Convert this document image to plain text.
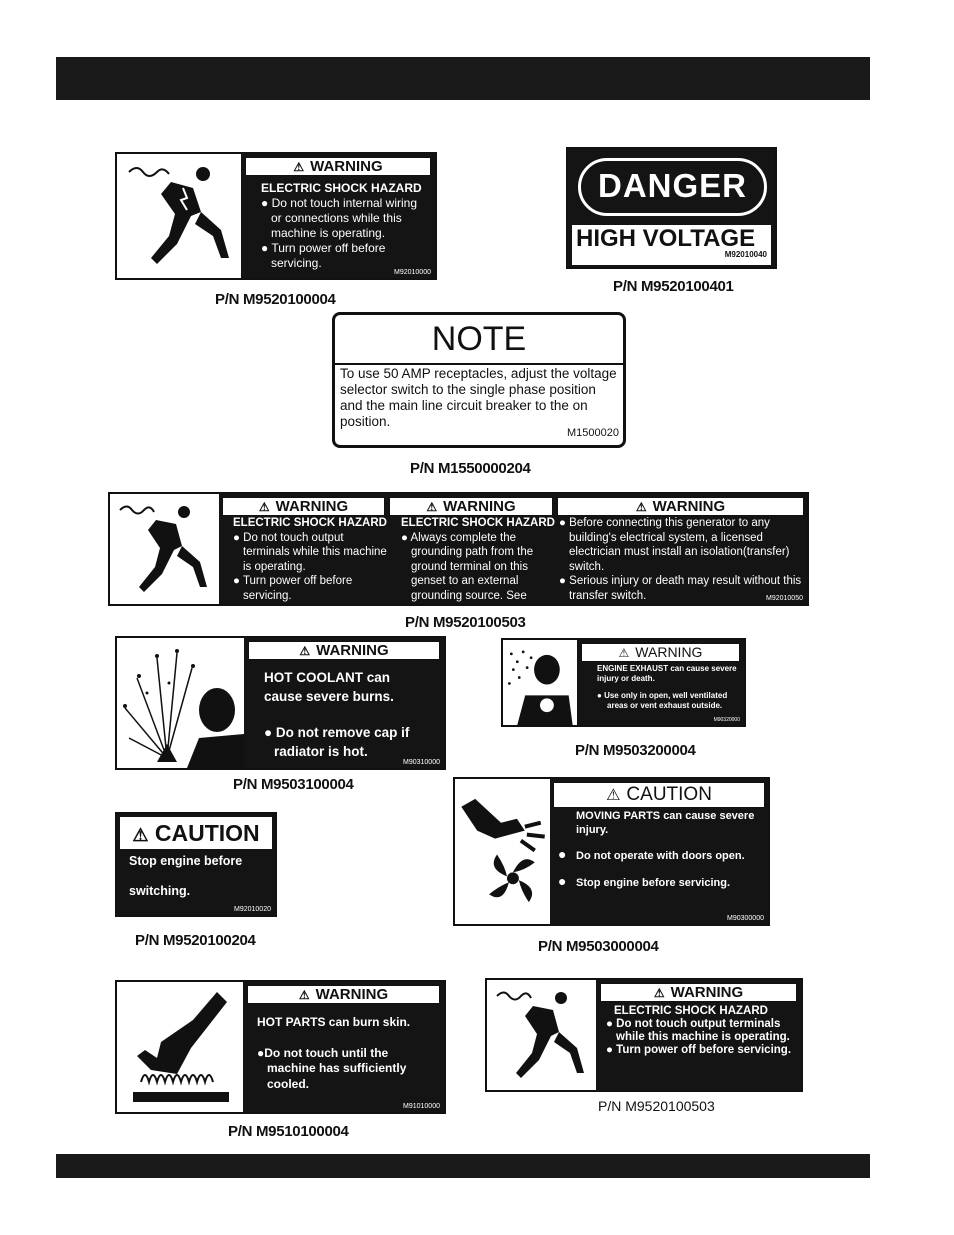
⚠ WARNING
ELECTRIC SHOCK HAZARD
● Do not touch internal wiring or connections while this machine is operating.
● Turn power off before servicing.
M92010000
P/N M9520100004
DANGER
HIGH VOLTAGE
M92010040
P/N M9520100401
NOTE
To use 50 AMP receptacles, adjust the voltage selector switch to the single phase position and the main line circuit breaker to the on position.
M1500020
P/N M1550000204
⚠ WARNING
ELECTRIC SHOCK HAZARD
● Do not touch output terminals while this machine is operating.
● Turn power off before servicing.
⚠ WARNING
ELECTRIC SHOCK HAZARD
● Always complete the grounding path from the ground terminal on this genset to an external grounding source. See
⚠ WARNING
● Before connecting this generator to any building's electrical system, a licensed electrician must install an isolation(transfer) switch.
● Serious injury or death may result without this transfer switch.	M92010050
P/N M9520100503
⚠ WARNING
HOT COOLANT can cause severe burns.
● Do not remove cap if radiator is hot.
M90310000
P/N M9503100004
⚠ WARNING
ENGINE EXHAUST can cause severe injury or death.
● Use only in open, well ventilated areas or vent exhaust outside.
M90320000
P/N M9503200004
⚠ CAUTION
Stop engine before
switching.
M92010020
P/N M9520100204
⚠ CAUTION
MOVING PARTS can cause severe injury.
● Do not operate with doors open.
● Stop engine before servicing.
M90300000
P/N M9503000004
⚠ WARNING
HOT PARTS can burn skin.
●Do not touch until the machine has sufficiently cooled.
M91010000
P/N M9510100004
⚠ WARNING
ELECTRIC SHOCK HAZARD
● Do not touch output terminals while this machine is operating.
● Turn power off before servicing.
P/N M9520100503
